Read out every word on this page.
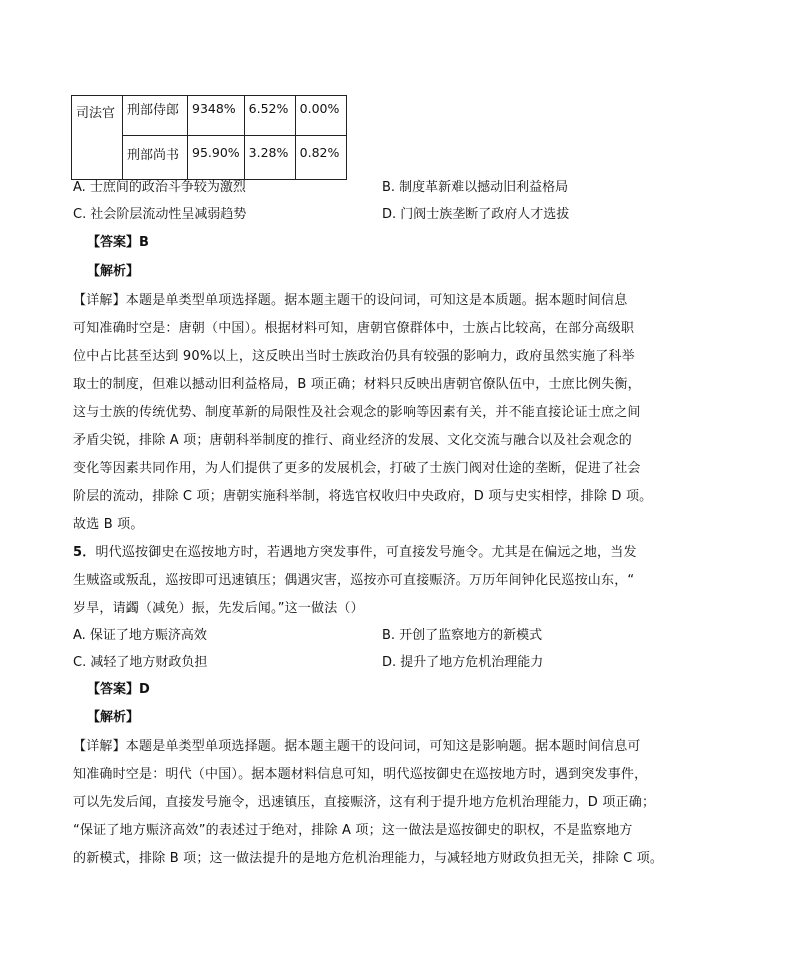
司法官	刑部侍郎	9348%	6.52%	0.00%
	刑部尚书	95.90%	3.28%	0.82%
A. 士庶间的政治斗争较为激烈	B. 制度革新难以撼动旧利益格局
C. 社会阶层流动性呈减弱趋势	D. 门阀士族垄断了政府人才选拔
【答案】B
【解析】
【详解】本题是单类型单项选择题。据本题主题干的设问词，可知这是本质题。据本题时间信息
可知准确时空是：唐朝（中国）。根据材料可知，唐朝官僚群体中，士族占比较高，在部分高级职
位中占比甚至达到 90%以上，这反映出当时士族政治仍具有较强的影响力，政府虽然实施了科举
取士的制度，但难以撼动旧利益格局，B 项正确；材料只反映出唐朝官僚队伍中，士庶比例失衡，
这与士族的传统优势、制度革新的局限性及社会观念的影响等因素有关，并不能直接论证士庶之间
矛盾尖锐，排除 A 项；唐朝科举制度的推行、商业经济的发展、文化交流与融合以及社会观念的
变化等因素共同作用，为人们提供了更多的发展机会，打破了士族门阀对仕途的垄断，促进了社会
阶层的流动，排除 C 项；唐朝实施科举制，将选官权收归中央政府，D 项与史实相悖，排除 D 项。
故选 B 项。
5．明代巡按御史在巡按地方时，若遇地方突发事件，可直接发号施令。尤其是在偏远之地，当发
生贼盗或叛乱，巡按即可迅速镇压；偶遇灾害，巡按亦可直接赈济。万历年间钟化民巡按山东，“
岁旱，请蠲（减免）振，先发后闻。”这一做法（）
A. 保证了地方赈济高效	B. 开创了监察地方的新模式
C. 减轻了地方财政负担	D. 提升了地方危机治理能力
【答案】D
【解析】
【详解】本题是单类型单项选择题。据本题主题干的设问词，可知这是影响题。据本题时间信息可
知准确时空是：明代（中国）。据本题材料信息可知，明代巡按御史在巡按地方时，遇到突发事件，
可以先发后闻，直接发号施令，迅速镇压，直接赈济，这有利于提升地方危机治理能力，D 项正确；
“保证了地方赈济高效”的表述过于绝对，排除 A 项；这一做法是巡按御史的职权，不是监察地方
的新模式，排除 B 项；这一做法提升的是地方危机治理能力，与减轻地方财政负担无关，排除 C 项。
